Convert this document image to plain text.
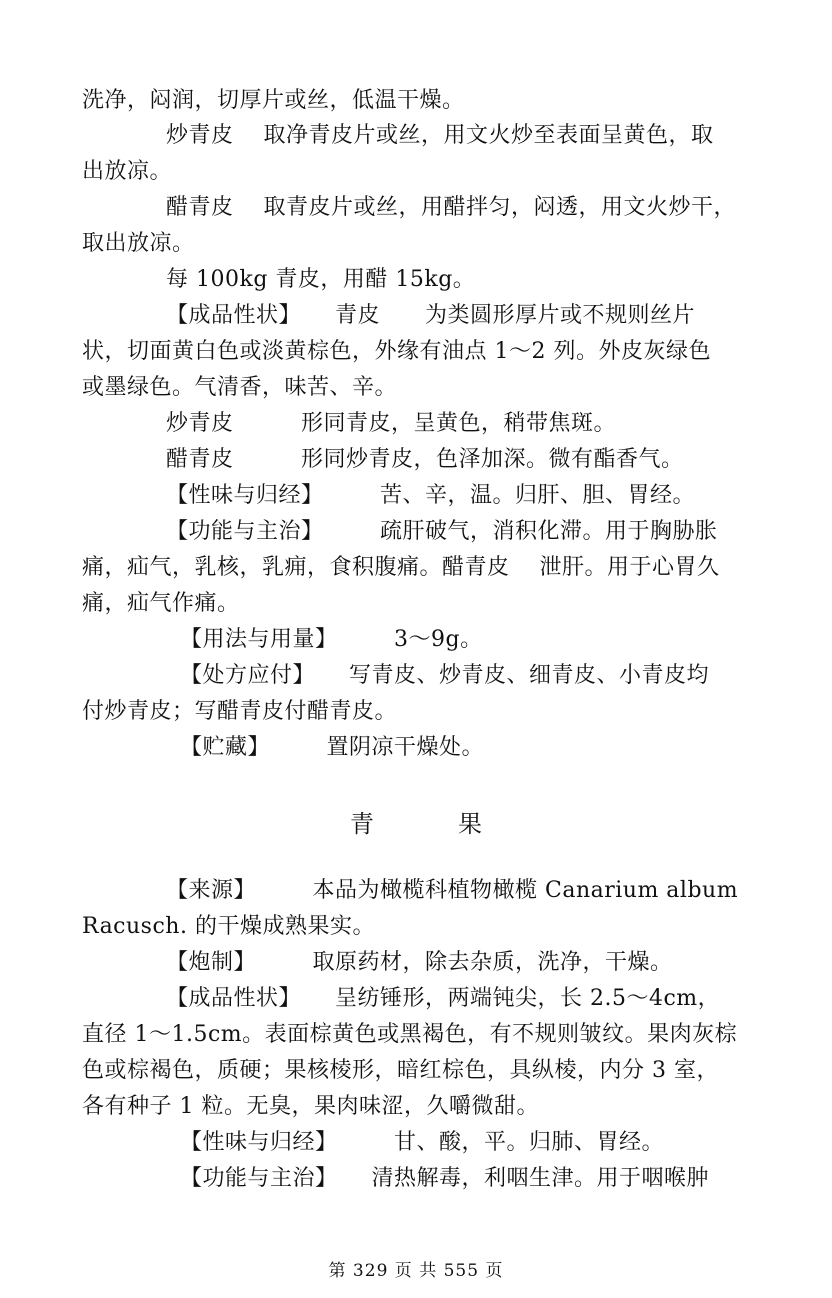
洗净，闷润，切厚片或丝，低温干燥。
炒青皮　 取净青皮片或丝，用文火炒至表面呈黄色，取
出放凉。
醋青皮　 取青皮片或丝，用醋拌匀，闷透，用文火炒干，
取出放凉。
每 100kg 青皮，用醋 15kg。
【成品性状】　　青皮　　为类圆形厚片或不规则丝片
状，切面黄白色或淡黄棕色，外缘有油点 1～2 列。外皮灰绿色
或墨绿色。气清香，味苦、辛。
炒青皮　　　形同青皮，呈黄色，稍带焦斑。
醋青皮　　　形同炒青皮，色泽加深。微有酯香气。
【性味与归经】　　　苦、辛，温。归肝、胆、胃经。
【功能与主治】　　　疏肝破气，消积化滞。用于胸胁胀
痛，疝气，乳核，乳痈，食积腹痛。醋青皮　 泄肝。用于心胃久
痛，疝气作痛。
【用法与用量】　　　3～9g。
【处方应付】　　写青皮、炒青皮、细青皮、小青皮均
付炒青皮；写醋青皮付醋青皮。
【贮藏】　　　置阴凉干燥处。
青果
【来源】　　　本品为橄榄科植物橄榄 Canarium album
Racusch. 的干燥成熟果实。
【炮制】　　　取原药材，除去杂质，洗净，干燥。
【成品性状】　　呈纺锤形，两端钝尖，长 2.5～4cm，
直径 1～1.5cm。表面棕黄色或黑褐色，有不规则皱纹。果肉灰棕
色或棕褐色，质硬；果核棱形，暗红棕色，具纵棱，内分 3 室，
各有种子 1 粒。无臭，果肉味涩，久嚼微甜。
【性味与归经】　　　甘、酸，平。归肺、胃经。
【功能与主治】　　清热解毒，利咽生津。用于咽喉肿
第 329 页 共 555 页
